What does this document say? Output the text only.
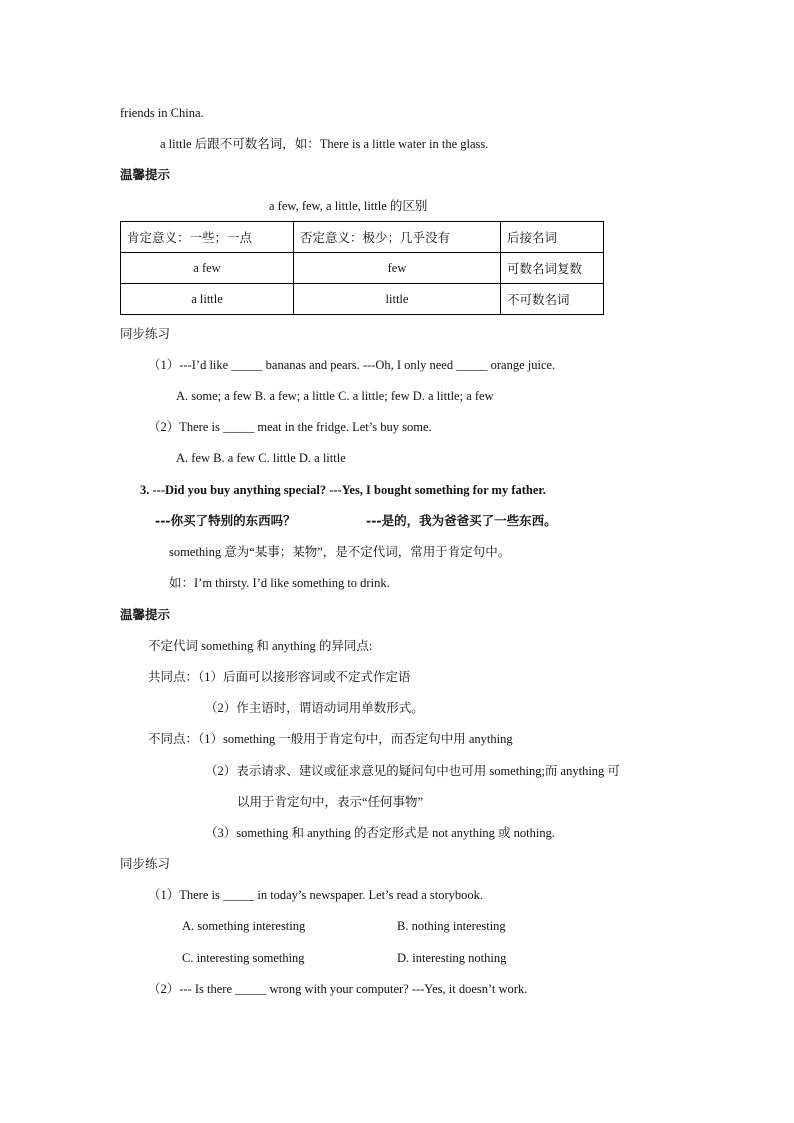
friends in China.
a little 后跟不可数名词，如：There is a little water in the glass.
温馨提示
a few, few, a little, little 的区别
肯定意义：一些；一点	否定意义：极少；几乎没有	后接名词
a few	few	可数名词复数
a little	little	不可数名词
同步练习
（1）---I’d like _____ bananas and pears. ---Oh, I only need _____ orange juice.
A. some; a few B. a few; a little C. a little; few D. a little; a few
（2）There is _____ meat in the fridge. Let’s buy some.
A. few B. a few C. little D. a little
3. ---Did you buy anything special? ---Yes, I bought something for my father.
---你买了特别的东西吗？	---是的，我为爸爸买了一些东西。
something 意为“某事；某物”，是不定代词，常用于肯定句中。
如：I’m thirsty. I’d like something to drink.
温馨提示
不定代词 something 和 anything 的异同点:
共同点：（1）后面可以接形容词或不定式作定语
（2）作主语时，谓语动词用单数形式。
不同点：（1）something 一般用于肯定句中，而否定句中用 anything
（2）表示请求、建议或征求意见的疑问句中也可用 something;而 anything 可
以用于肯定句中，表示“任何事物”
（3）something 和 anything 的否定形式是 not anything 或 nothing.
同步练习
（1）There is _____ in today’s newspaper. Let’s read a storybook.
A. something interesting	B. nothing interesting
C. interesting something	D. interesting nothing
（2）--- Is there _____ wrong with your computer? ---Yes, it doesn’t work.
